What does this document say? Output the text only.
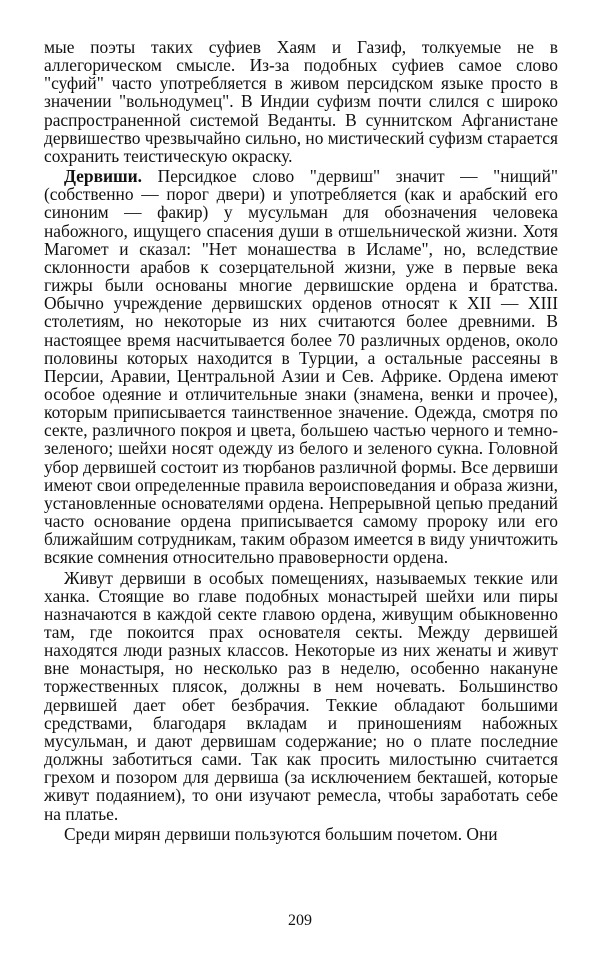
мые поэты таких суфиев Хаям и Газиф, толкуемые не в аллегорическом смысле. Из-за подобных суфиев самое слово "суфий" часто употребляется в живом персидском языке просто в значении "вольнодумец". В Индии суфизм почти слился с широко распространенной системой Веданты. В суннитском Афганистане дервишество чрезвычайно сильно, но мистический суфизм старается сохранить теистическую окраску.

Дервиши. Персидкое слово "дервиш" значит — "нищий" (собственно — порог двери) и употребляется (как и арабский его синоним — факир) у мусульман для обозначения человека набожного, ищущего спасения души в отшельнической жизни. Хотя Магомет и сказал: "Нет монашества в Исламе", но, вследствие склонности арабов к созерцательной жизни, уже в первые века гижры были основаны многие дервишские ордена и братства. Обычно учреждение дервишских орденов относят к XII — XIII столетиям, но некоторые из них считаются более древними. В настоящее время насчитывается более 70 различных орденов, около половины которых находится в Турции, а остальные рассеяны в Персии, Аравии, Центральной Азии и Сев. Африке. Ордена имеют особое одеяние и отличительные знаки (знамена, венки и прочее), которым приписывается таинственное значение. Одежда, смотря по секте, различного покроя и цвета, большею частью черного и темно-зеленого; шейхи носят одежду из белого и зеленого сукна. Головной убор дервишей состоит из тюрбанов различной формы. Все дервиши имеют свои определенные правила вероисповедания и образа жизни, установленные основателями ордена. Непрерывной цепью преданий часто основание ордена приписывается самому пророку или его ближайшим сотрудникам, таким образом имеется в виду уничтожить всякие сомнения относительно правоверности ордена.

Живут дервиши в особых помещениях, называемых теккие или ханка. Стоящие во главе подобных монастырей шейхи или пиры назначаются в каждой секте главою ордена, живущим обыкновенно там, где покоится прах основателя секты. Между дервишей находятся люди разных классов. Некоторые из них женаты и живут вне монастыря, но несколько раз в неделю, особенно накануне торжественных плясок, должны в нем ночевать. Большинство дервишей дает обет безбрачия. Теккие обладают большими средствами, благодаря вкладам и приношениям набожных мусульман, и дают дервишам содержание; но о плате последние должны заботиться сами. Так как просить милостыню считается грехом и позором для дервиша (за исключением бекташей, которые живут подаянием), то они изучают ремесла, чтобы заработать себе на платье.

Среди мирян дервиши пользуются большим почетом. Они

209
